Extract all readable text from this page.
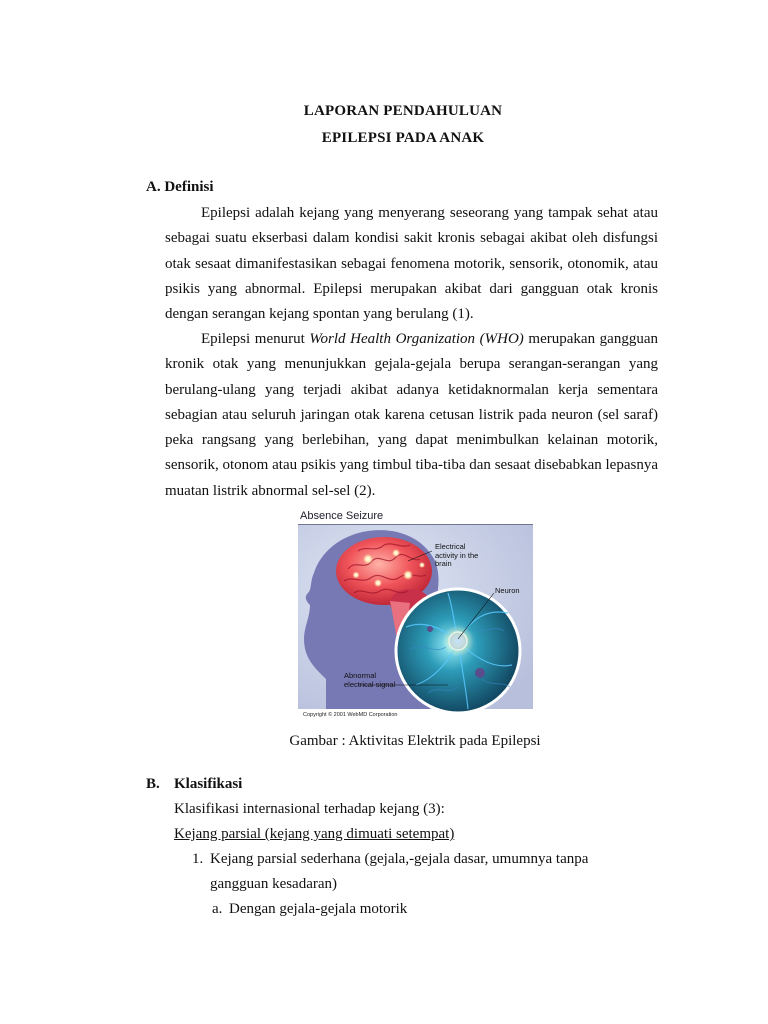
LAPORAN PENDAHULUAN
EPILEPSI PADA ANAK
A. Definisi
Epilepsi adalah kejang yang menyerang seseorang yang tampak sehat atau sebagai suatu ekserbasi dalam kondisi sakit kronis sebagai akibat oleh disfungsi otak sesaat dimanifestasikan sebagai fenomena motorik, sensorik, otonomik, atau psikis yang abnormal. Epilepsi merupakan akibat dari gangguan otak kronis dengan serangan kejang spontan yang berulang (1).
Epilepsi menurut World Health Organization (WHO) merupakan gangguan kronik otak yang menunjukkan gejala-gejala berupa serangan-serangan yang berulang-ulang yang terjadi akibat adanya ketidaknormalan kerja sementara sebagian atau seluruh jaringan otak karena cetusan listrik pada neuron (sel saraf) peka rangsang yang berlebihan, yang dapat menimbulkan kelainan motorik, sensorik, otonom atau psikis yang timbul tiba-tiba dan sesaat disebabkan lepasnya muatan listrik abnormal sel-sel (2).
Absence Seizure
Electrical activity in the brain
Neuron
Abnormal electrical signal
Copyright © 2001 WebMD Corporation
Gambar : Aktivitas Elektrik pada Epilepsi
B. Klasifikasi
Klasifikasi internasional terhadap kejang (3):
Kejang parsial (kejang yang dimuati setempat)
1. Kejang parsial sederhana (gejala,-gejala dasar, umumnya tanpa
gangguan kesadaran)
a. Dengan gejala-gejala motorik
